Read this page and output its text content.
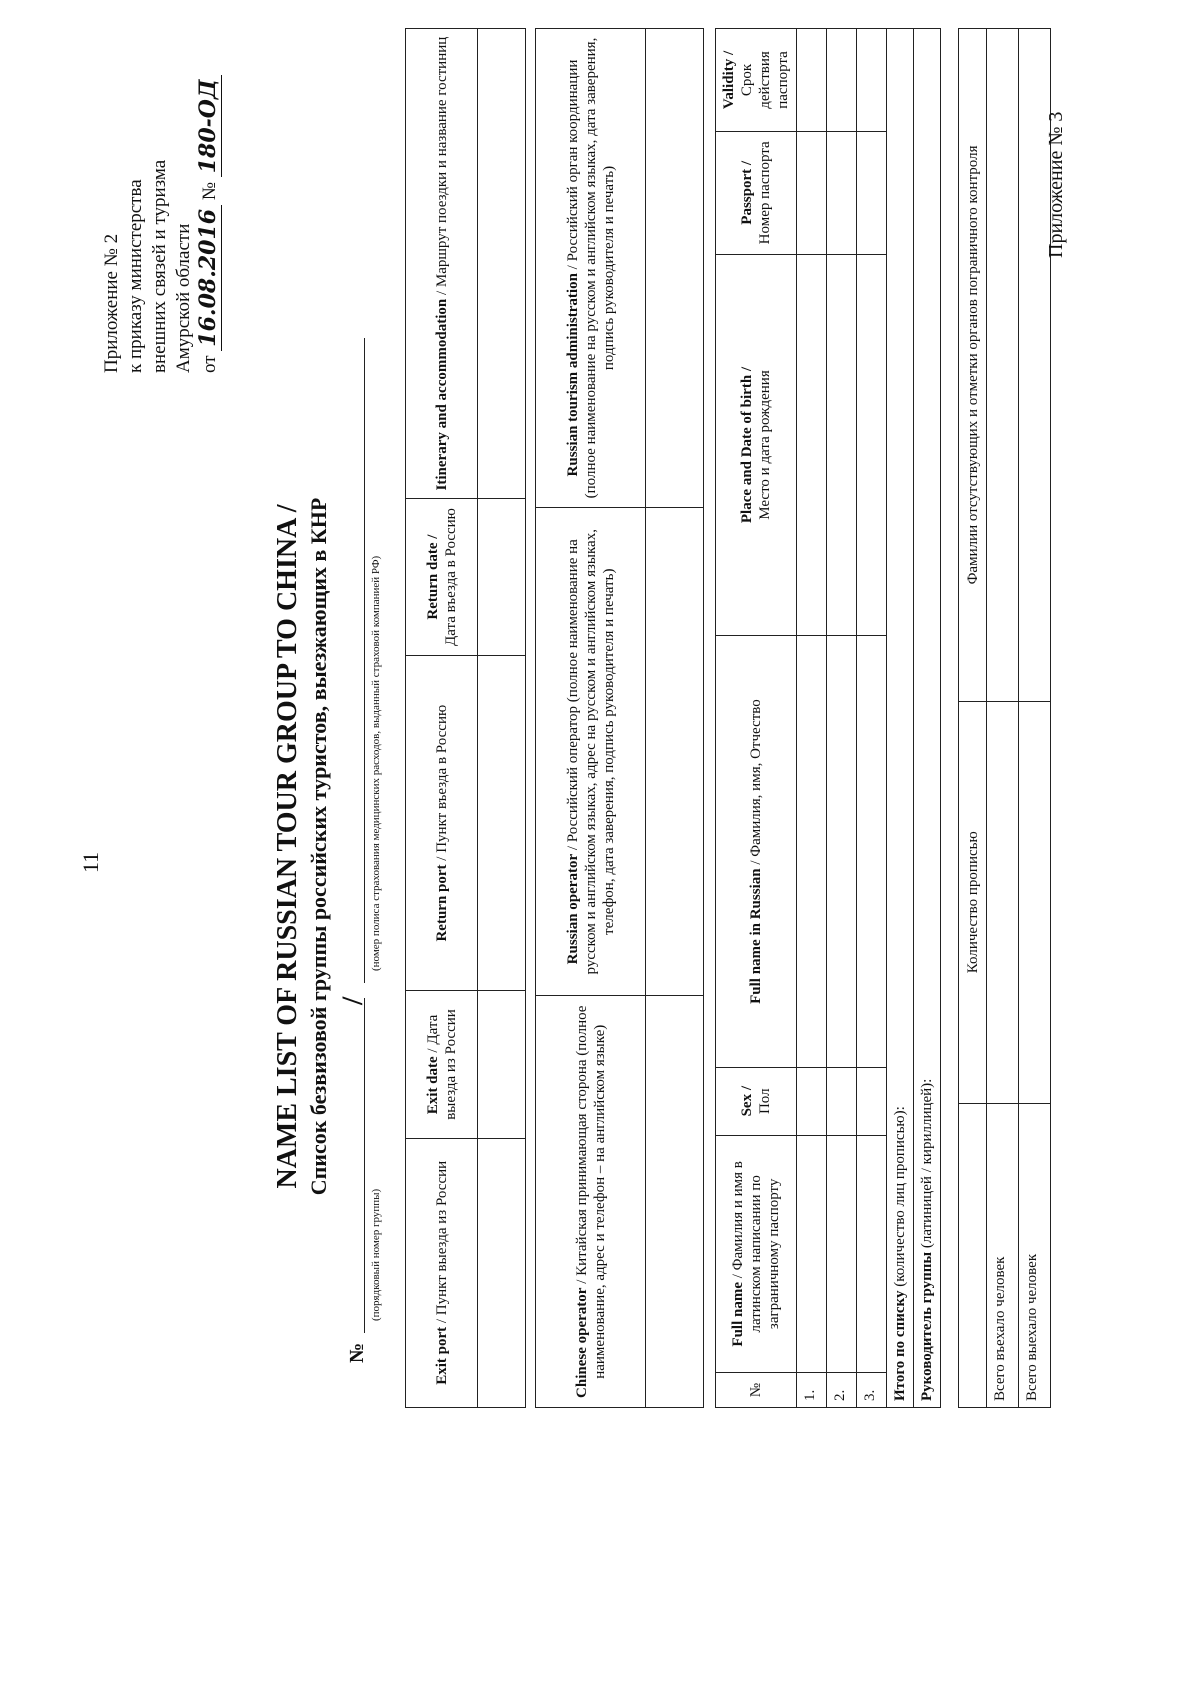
11
Приложение № 2 к приказу министерства внешних связей и туризма Амурской области от 16.08.2016 № 180-ОД
NAME LIST OF RUSSIAN TOUR GROUP TO CHINA / Список безвизовой группы российских туристов, выезжающих в КНР
№
/
(порядковый номер группы)
(номер полиса страхования медицинских расходов, выданный страховой компанией РФ)
Exit port / Пункт выезда из России	Exit date / Дата выезда из России	Return port / Пункт въезда в Россию	Return date / Дата въезда в Россию	Itinerary and accommodation / Маршрут поездки и название гостиниц

Chinese operator / Китайская принимающая сторона (полное наименование, адрес и телефон – на английском языке)	Russian operator / Российский оператор (полное наименование на русском и английском языках, адрес на русском и английском языках, телефон, дата заверения, подпись руководителя и печать)	Russian tourism administration / Российский орган координации (полное наименование на русском и английском языках, дата заверения, подпись руководителя и печать)

№	Full name / Фамилия и имя в латинском написании по заграничному паспорту	Sex / Пол	Full name in Russian / Фамилия, имя, Отчество	Place and Date of birth / Место и дата рождения	Passport / Номер паспорта	Validity / Срок действия паспорта
1.						
2.						
3.						
Итого по списку (количество лиц прописью):						
Руководитель группы (латиницей / кириллицей):						
	Количество прописью	Фамилии отсутствующих и отметки органов пограничного контроля
Всего въехало человек		
Всего выехало человек		
Приложение № 3
